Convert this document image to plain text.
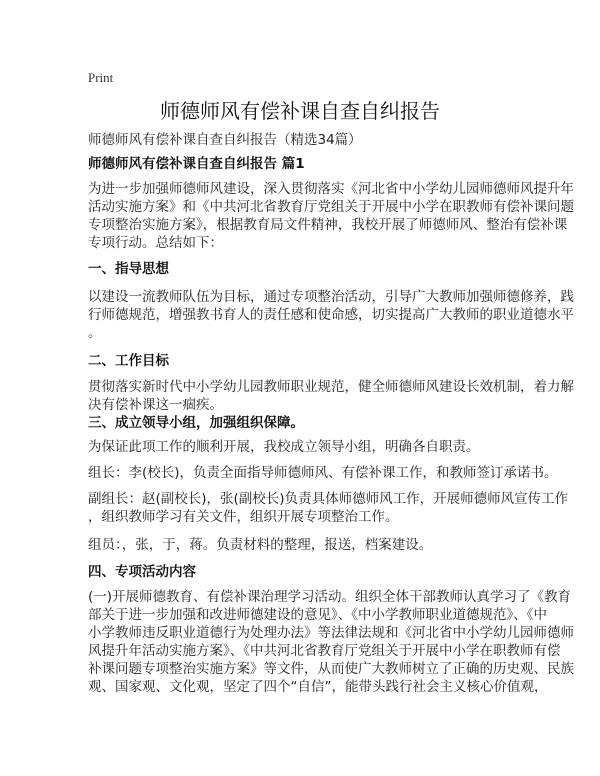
Print
师德师风有偿补课自查自纠报告
师德师风有偿补课自查自纠报告（精选34篇）
师德师风有偿补课自查自纠报告 篇1
为进一步加强师德师风建设，深入贯彻落实《河北省中小学幼儿园师德师风提升年
活动实施方案》和《中共河北省教育厅党组关于开展中小学在职教师有偿补课问题
专项整治实施方案》，根据教育局文件精神，我校开展了师德师风、整治有偿补课
专项行动。总结如下：
一、指导思想
以建设一流教师队伍为目标，通过专项整治活动，引导广大教师加强师德修养，践
行师德规范，增强教书育人的责任感和使命感，切实提高广大教师的职业道德水平
。
二、工作目标
贯彻落实新时代中小学幼儿园教师职业规范，健全师德师风建设长效机制，着力解
决有偿补课这一痼疾。
三、成立领导小组，加强组织保障。
为保证此项工作的顺利开展，我校成立领导小组，明确各自职责。
组长：李(校长)，负责全面指导师德师风、有偿补课工作，和教师签订承诺书。
副组长：赵(副校长)，张(副校长)负责具体师德师风工作，开展师德师风宣传工作
，组织教师学习有关文件，组织开展专项整治工作。
组员：，张，于，蒋。负责材料的整理，报送，档案建设。
四、专项活动内容
(一)开展师德教育、有偿补课治理学习活动。组织全体干部教师认真学习了《教育
部关于进一步加强和改进师德建设的意见》、《中小学教师职业道德规范》、《中
小学教师违反职业道德行为处理办法》等法律法规和《河北省中小学幼儿园师德师
风提升年活动实施方案》、《中共河北省教育厅党组关于开展中小学在职教师有偿
补课问题专项整治实施方案》等文件，从而使广大教师树立了正确的历史观、民族
观、国家观、文化观，坚定了四个“自信”，能带头践行社会主义核心价值观，
